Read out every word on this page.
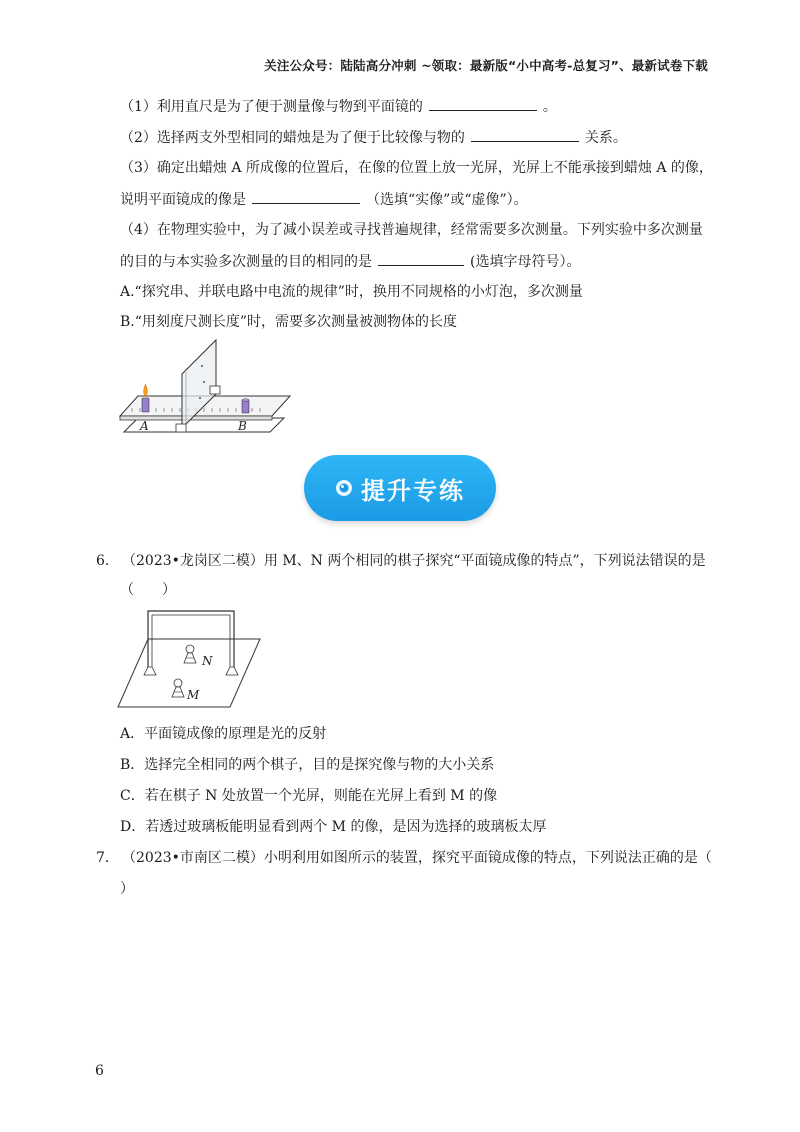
关注公众号：陆陆高分冲刺 ~领取：最新版“小中高考-总复习”、最新试卷下载
（1）利用直尺是为了便于测量像与物到平面镜的	。
（2）选择两支外型相同的蜡烛是为了便于比较像与物的	关系。
（3）确定出蜡烛 A 所成像的位置后，在像的位置上放一光屏，光屏上不能承接到蜡烛 A 的像，
说明平面镜成的像是	（选填“实像”或“虚像”）。
（4）在物理实验中，为了减小误差或寻找普遍规律，经常需要多次测量。下列实验中多次测量
的目的与本实验多次测量的目的相同的是	(选填字母符号）。
A.“探究串、并联电路中电流的规律”时，换用不同规格的小灯泡，多次测量
B.“用刻度尺测长度”时，需要多次测量被测物体的长度
A	B
提升专练
6． （2023•龙岗区二模）用 M、N 两个相同的棋子探究“平面镜成像的特点”，下列说法错误的是
（　　）
N
M
A．平面镜成像的原理是光的反射
B．选择完全相同的两个棋子，目的是探究像与物的大小关系
C．若在棋子 N 处放置一个光屏，则能在光屏上看到 M 的像
D．若透过玻璃板能明显看到两个 M 的像，是因为选择的玻璃板太厚
7． （2023•市南区二模）小明利用如图所示的装置，探究平面镜成像的特点，下列说法正确的是（
）
6
